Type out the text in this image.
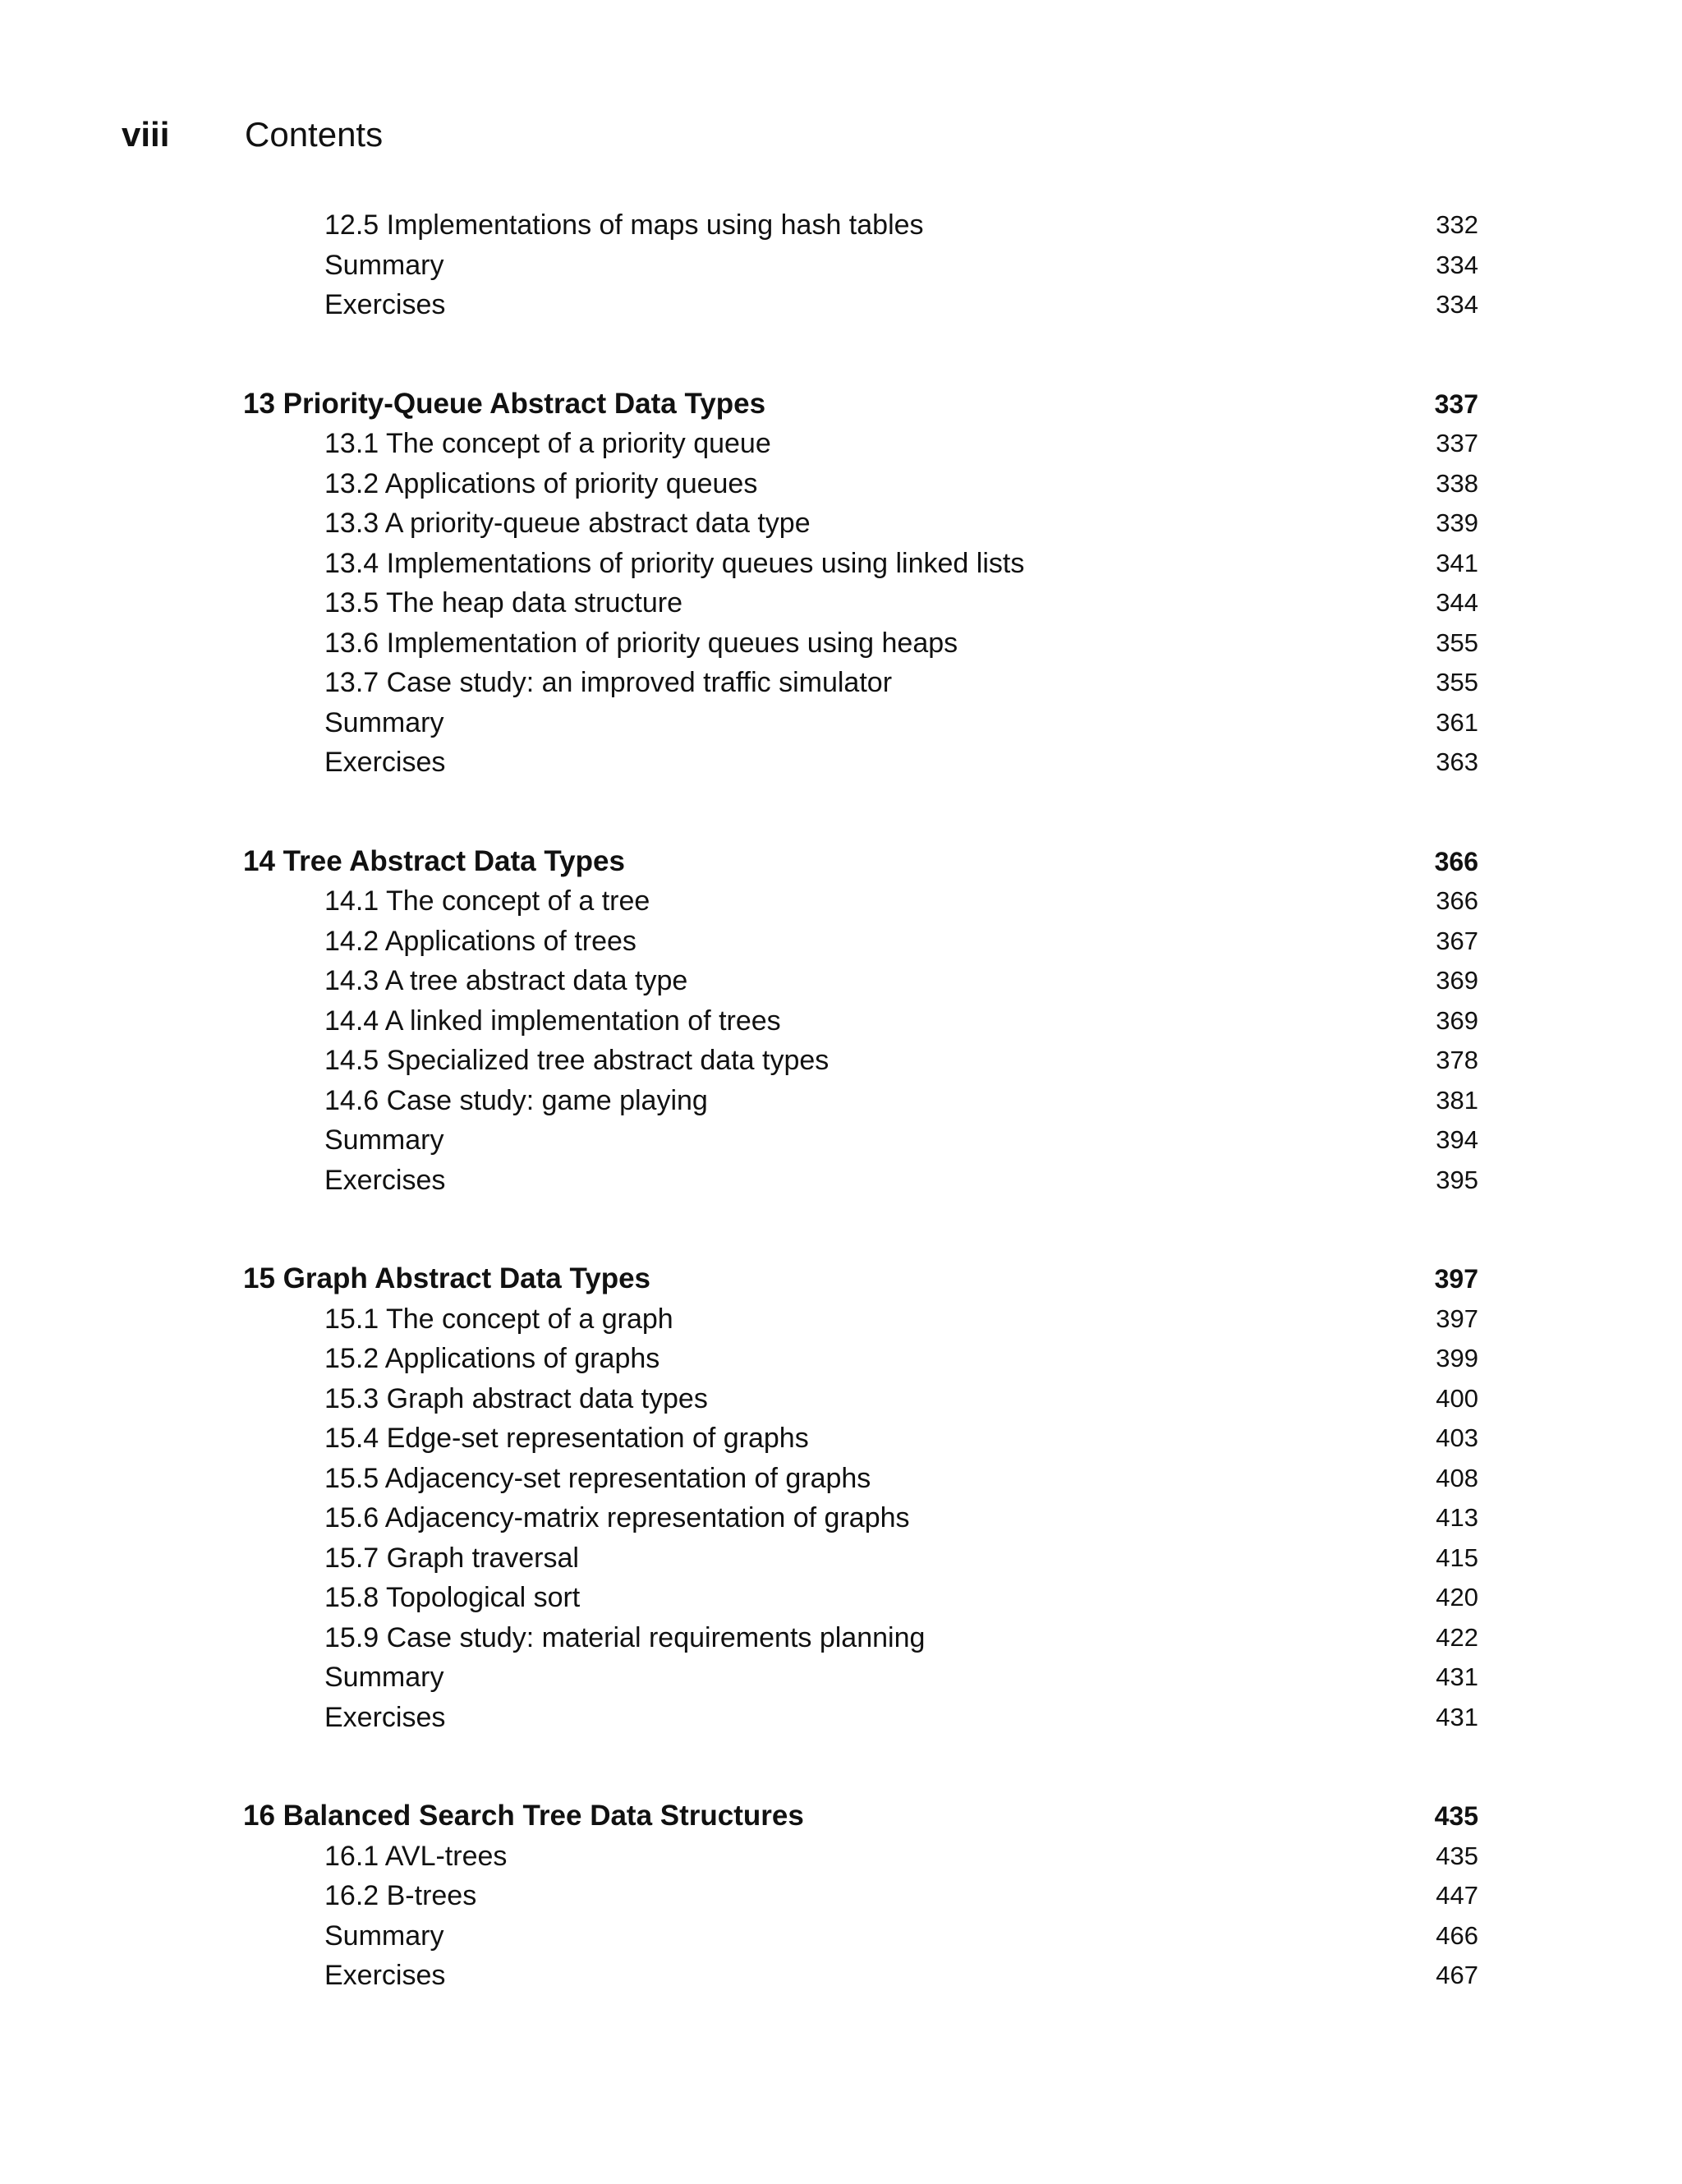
viii	Contents
12.5 Implementations of maps using hash tables	332
Summary	334
Exercises	334
13 Priority-Queue Abstract Data Types	337
13.1 The concept of a priority queue	337
13.2 Applications of priority queues	338
13.3 A priority-queue abstract data type	339
13.4 Implementations of priority queues using linked lists	341
13.5 The heap data structure	344
13.6 Implementation of priority queues using heaps	355
13.7 Case study: an improved traffic simulator	355
Summary	361
Exercises	363
14 Tree Abstract Data Types	366
14.1 The concept of a tree	366
14.2 Applications of trees	367
14.3 A tree abstract data type	369
14.4 A linked implementation of trees	369
14.5 Specialized tree abstract data types	378
14.6 Case study: game playing	381
Summary	394
Exercises	395
15 Graph Abstract Data Types	397
15.1 The concept of a graph	397
15.2 Applications of graphs	399
15.3 Graph abstract data types	400
15.4 Edge-set representation of graphs	403
15.5 Adjacency-set representation of graphs	408
15.6 Adjacency-matrix representation of graphs	413
15.7 Graph traversal	415
15.8 Topological sort	420
15.9 Case study: material requirements planning	422
Summary	431
Exercises	431
16 Balanced Search Tree Data Structures	435
16.1 AVL-trees	435
16.2 B-trees	447
Summary	466
Exercises	467
